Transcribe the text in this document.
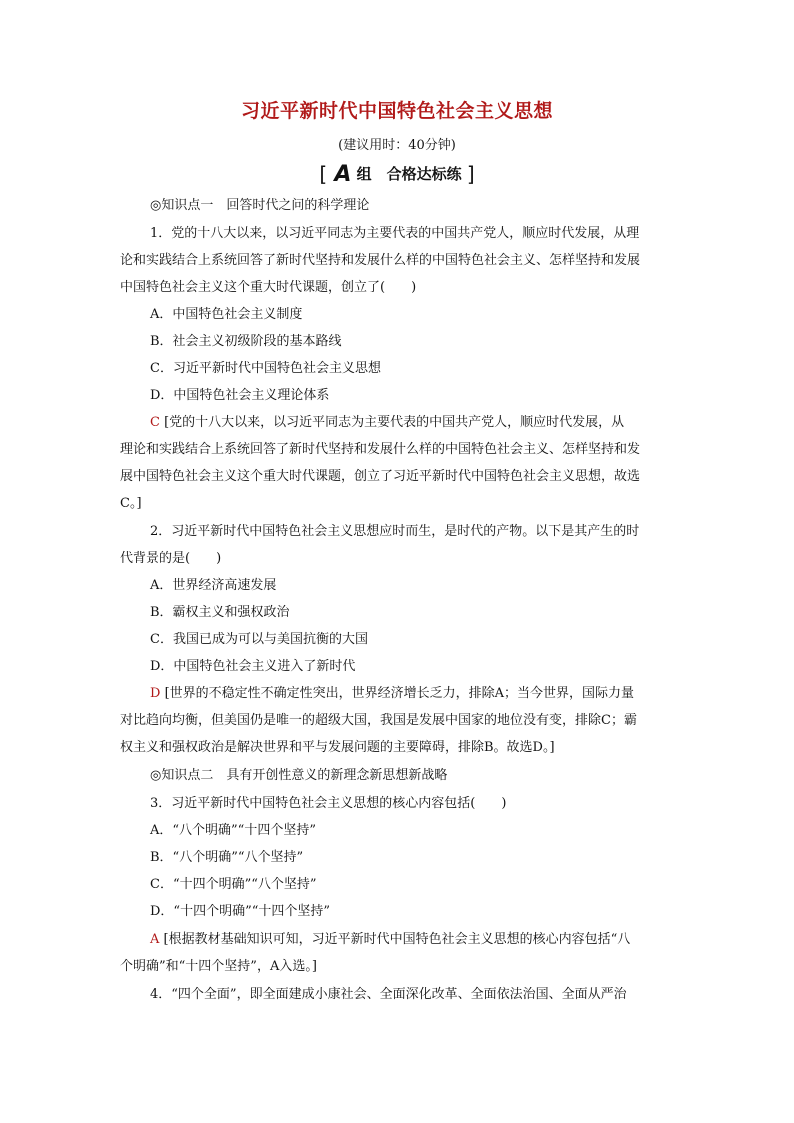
习近平新时代中国特色社会主义思想
(建议用时：40分钟)
[ A 组　合格达标练 ]
◎知识点一　回答时代之问的科学理论
1．党的十八大以来，以习近平同志为主要代表的中国共产党人，顺应时代发展，从理
论和实践结合上系统回答了新时代坚持和发展什么样的中国特色社会主义、怎样坚持和发展
中国特色社会主义这个重大时代课题，创立了(　　)
A．中国特色社会主义制度
B．社会主义初级阶段的基本路线
C．习近平新时代中国特色社会主义思想
D．中国特色社会主义理论体系
C [党的十八大以来，以习近平同志为主要代表的中国共产党人，顺应时代发展，从
理论和实践结合上系统回答了新时代坚持和发展什么样的中国特色社会主义、怎样坚持和发
展中国特色社会主义这个重大时代课题，创立了习近平新时代中国特色社会主义思想，故选
C。]
2．习近平新时代中国特色社会主义思想应时而生，是时代的产物。以下是其产生的时
代背景的是(　　)
A．世界经济高速发展
B．霸权主义和强权政治
C．我国已成为可以与美国抗衡的大国
D．中国特色社会主义进入了新时代
D [世界的不稳定性不确定性突出，世界经济增长乏力，排除A；当今世界，国际力量
对比趋向均衡，但美国仍是唯一的超级大国，我国是发展中国家的地位没有变，排除C；霸
权主义和强权政治是解决世界和平与发展问题的主要障碍，排除B。故选D。]
◎知识点二　具有开创性意义的新理念新思想新战略
3．习近平新时代中国特色社会主义思想的核心内容包括(　　)
A．“八个明确”“十四个坚持”
B．“八个明确”“八个坚持”
C．“十四个明确”“八个坚持”
D．“十四个明确”“十四个坚持”
A [根据教材基础知识可知，习近平新时代中国特色社会主义思想的核心内容包括“八
个明确”和“十四个坚持”，A入选。]
4．“四个全面”，即全面建成小康社会、全面深化改革、全面依法治国、全面从严治
